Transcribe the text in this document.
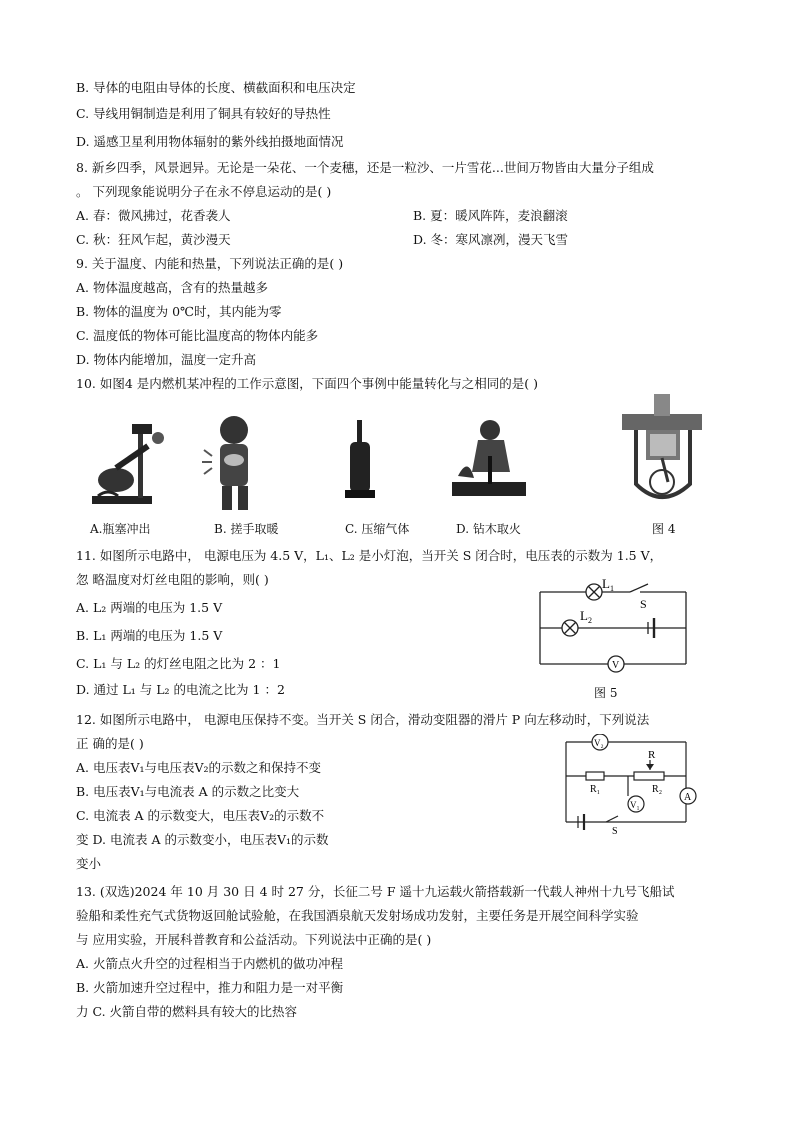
B. 导体的电阻由导体的长度、横截面积和电压决定
C. 导线用铜制造是利用了铜具有较好的导热性
D. 遥感卫星利用物体辐射的紫外线拍摄地面情况
8. 新乡四季，风景迥异。无论是一朵花、一个麦穗，还是一粒沙、一片雪花...世间万物皆由大量分子组成
。 下列现象能说明分子在永不停息运动的是( )
A. 春：微风拂过，花香袭人	B. 夏：暖风阵阵，麦浪翻滚
C. 秋：狂风乍起，黄沙漫天	D. 冬：寒风凛冽，漫天飞雪
9. 关于温度、内能和热量，下列说法正确的是( )
A. 物体温度越高，含有的热量越多
B. 物体的温度为 0℃时，其内能为零
C. 温度低的物体可能比温度高的物体内能多
D. 物体内能增加，温度一定升高
10. 如图4 是内燃机某冲程的工作示意图，下面四个事例中能量转化与之相同的是( )
A.瓶塞冲出	B. 搓手取暖	C. 压缩气体	D. 钻木取火	图 4
11. 如图所示电路中， 电源电压为 4.5 V，L₁、L₂ 是小灯泡，当开关 S 闭合时，电压表的示数为 1.5 V，
忽 略温度对灯丝电阻的影响，则( )
A. L₂ 两端的电压为 1.5 V
B. L₁ 两端的电压为 1.5 V
C. L₁ 与 L₂ 的灯丝电阻之比为 2 ：1
D. 通过 L₁ 与 L₂ 的电流之比为 1 ：2
$L_1$
$L_2$
S
V
图 5
12. 如图所示电路中， 电源电压保持不变。当开关 S 闭合，滑动变阻器的滑片 P 向左移动时，下列说法
正 确的是( )
A. 电压表V₁与电压表V₂的示数之和保持不变
B. 电压表V₁与电流表 A 的示数之比变大
C. 电流表 A 的示数变大，电压表V₂的示数不
变 D. 电流表 A 的示数变小，电压表V₁的示数
变小
V₂
V₁
A
R
R₁	R₂
S
13. (双选)2024 年 10 月 30 日 4 时 27 分，长征二号 F 遥十九运载火箭搭载新一代载人神州十九号飞船试
验船和柔性充气式货物返回舱试验舱，在我国酒泉航天发射场成功发射，主要任务是开展空间科学实验
与 应用实验，开展科普教育和公益活动。下列说法中正确的是( )
A. 火箭点火升空的过程相当于内燃机的做功冲程
B. 火箭加速升空过程中，推力和阻力是一对平衡
力 C. 火箭自带的燃料具有较大的比热容
